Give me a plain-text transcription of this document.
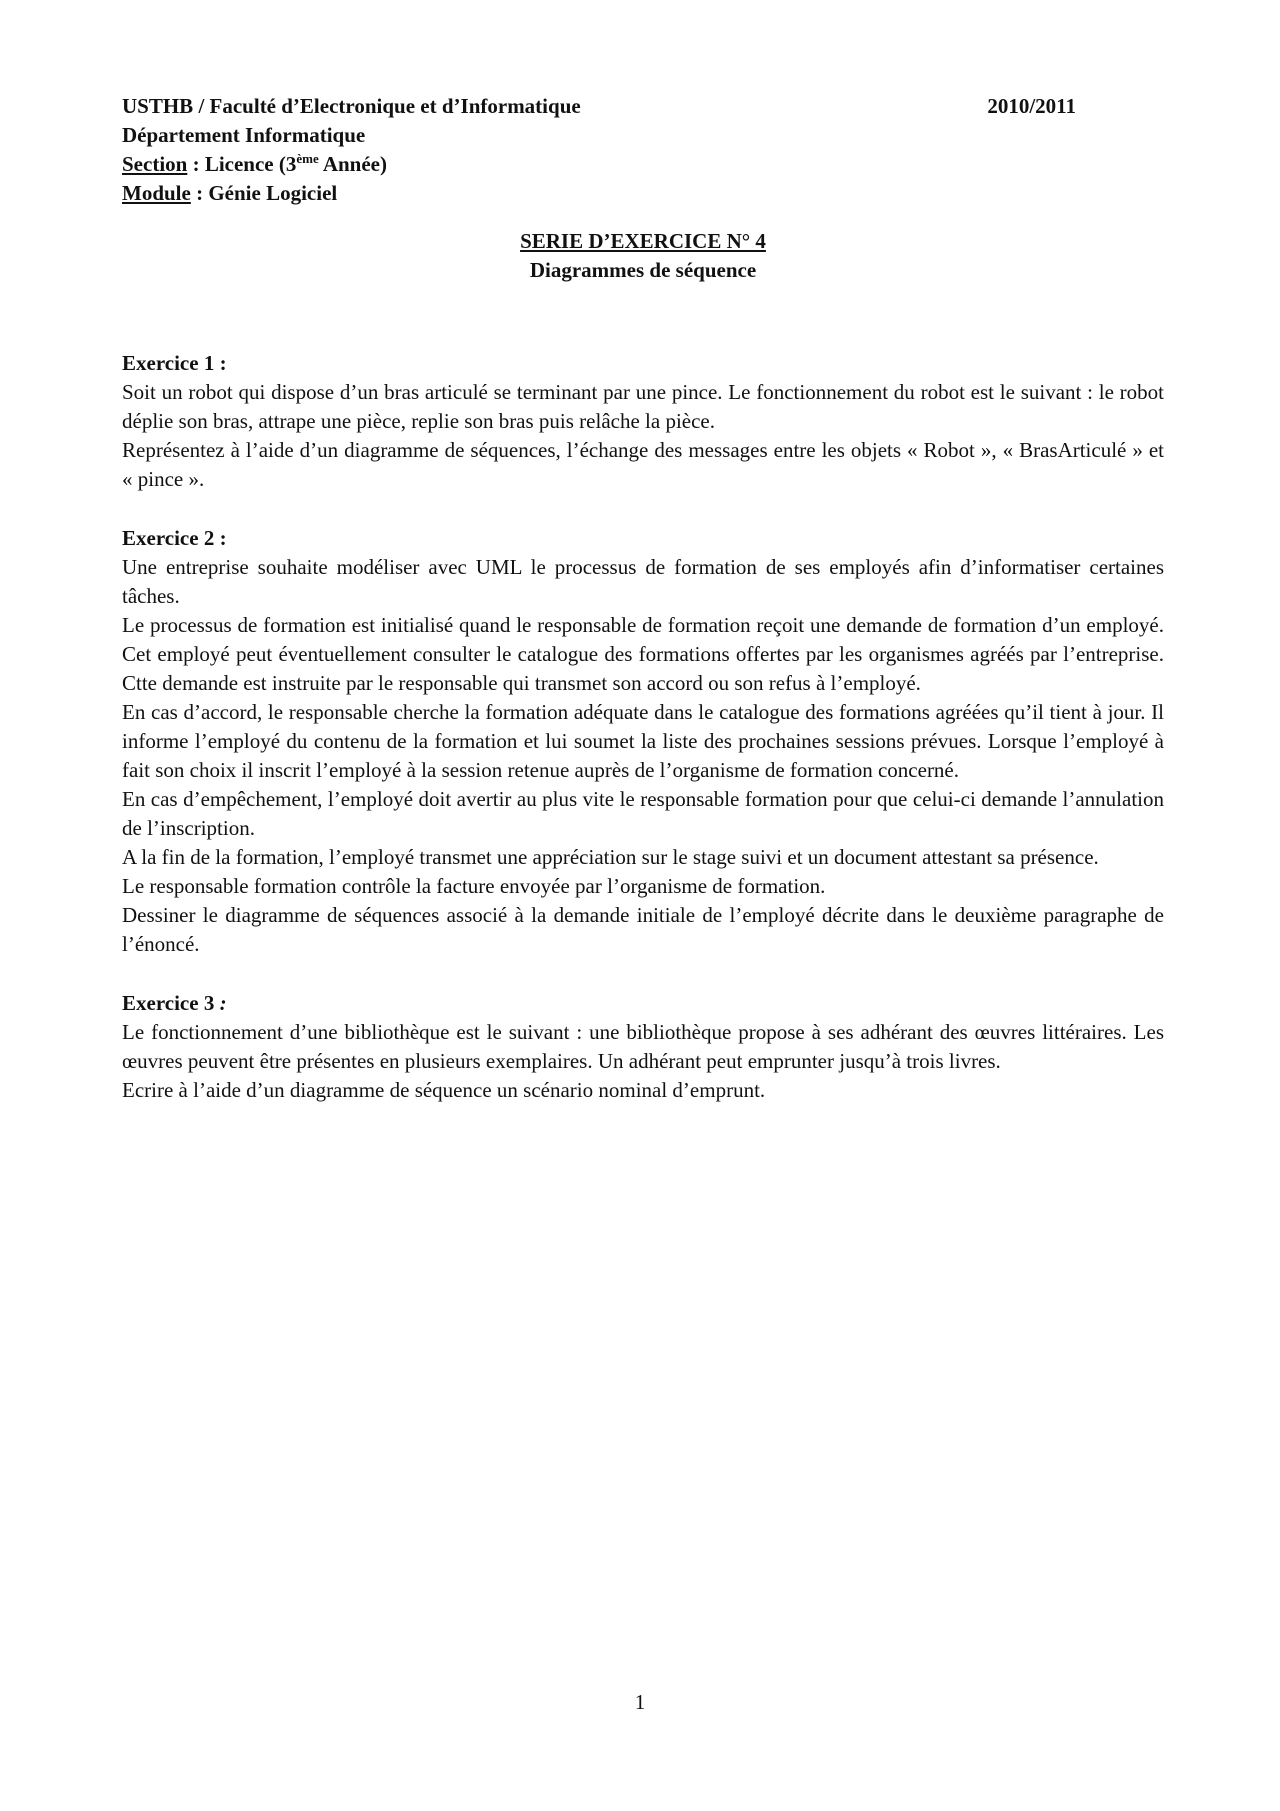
USTHB / Faculté d’Electronique et d’Informatique	2010/2011
Département Informatique
Section : Licence (3ème Année)
Module : Génie Logiciel
SERIE D’EXERCICE N° 4
Diagrammes de séquence
Exercice 1 :

Soit un robot qui dispose d’un bras articulé se terminant par une pince. Le fonctionnement du robot est le suivant : le robot déplie son bras, attrape une pièce, replie son bras puis relâche la pièce.

Représentez à l’aide d’un diagramme de séquences, l’échange des messages entre les objets « Robot », « BrasArticulé » et « pince ».

Exercice 2 :

Une entreprise souhaite modéliser avec UML le processus de formation de ses employés afin d’informatiser certaines tâches.

Le processus de formation est initialisé quand le responsable de formation reçoit une demande de formation d’un employé. Cet employé peut éventuellement consulter le catalogue des formations offertes par les organismes agréés par l’entreprise. Ctte demande est instruite par le responsable qui transmet son accord ou son refus à l’employé.

En cas d’accord, le responsable cherche la formation adéquate dans le catalogue des formations agréées qu’il tient à jour. Il informe l’employé du contenu de la formation et lui soumet la liste des prochaines sessions prévues. Lorsque l’employé à fait son choix il inscrit l’employé à la session retenue auprès de l’organisme de formation concerné.

En cas d’empêchement, l’employé doit avertir au plus vite le responsable formation pour que celui-ci demande l’annulation de l’inscription.

A la fin de la formation, l’employé transmet une appréciation sur le stage suivi et un document attestant sa présence.

Le responsable formation contrôle la facture envoyée par l’organisme de formation.

Dessiner le diagramme de séquences associé à la demande initiale de l’employé décrite dans le deuxième paragraphe de l’énoncé.

Exercice 3 :

Le fonctionnement d’une bibliothèque est le suivant : une bibliothèque propose à ses adhérant des œuvres littéraires. Les œuvres peuvent être présentes en plusieurs exemplaires. Un adhérant peut emprunter jusqu’à trois livres.

Ecrire à l’aide d’un diagramme de séquence un scénario nominal d’emprunt.

1
